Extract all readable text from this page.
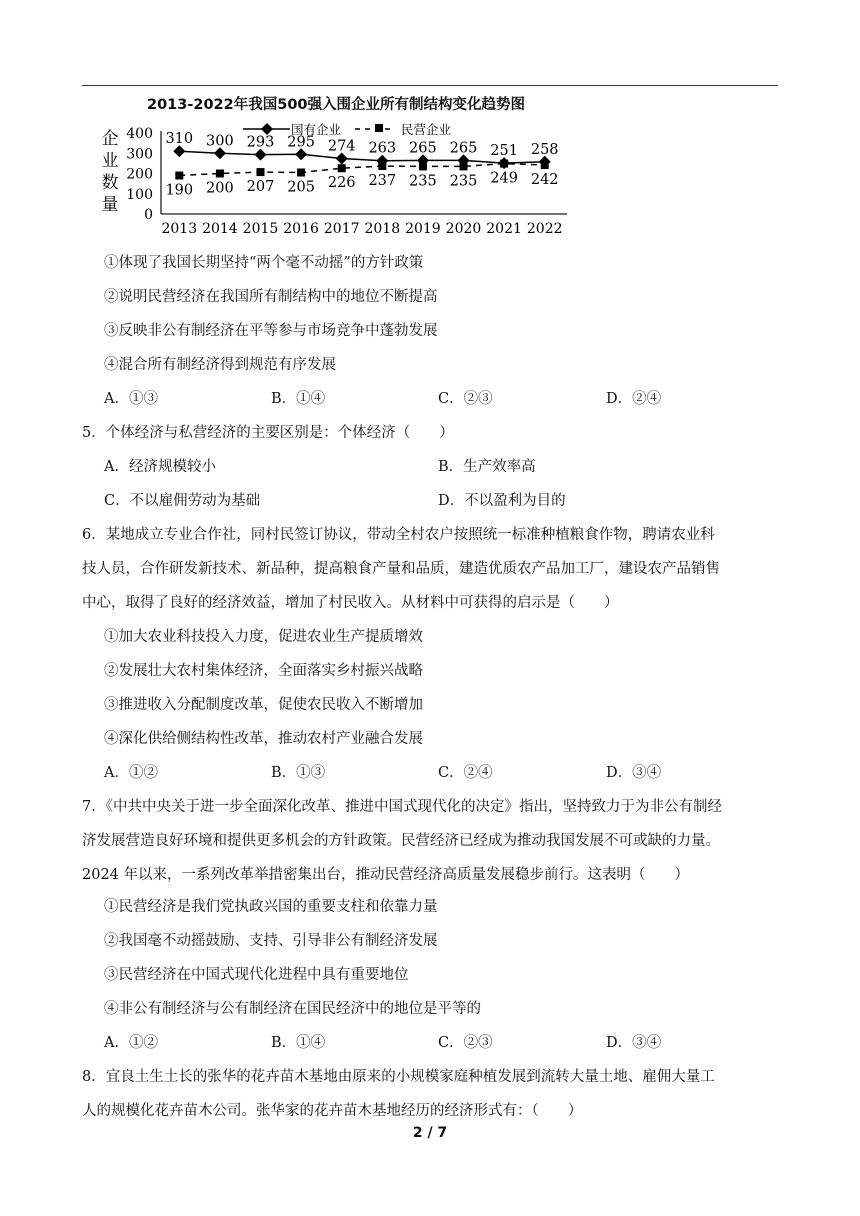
2013-2022年我国500强入围企业所有制结构变化趋势图
企
业
数
量 0
100
200
300
400
2013 2014 2015 2016 2017 2018 2019 2020 2021 2022
310 300 293 295 274 263 265 265 251 258
190 200 207 205 226 237 235 235 249 242
国有企业	民营企业
①体现了我国长期坚持“两个毫不动摇”的方针政策
②说明民营经济在我国所有制结构中的地位不断提高
③反映非公有制经济在平等参与市场竞争中蓬勃发展
④混合所有制经济得到规范有序发展
A．①③	B．①④	C．②③	D．②④
5．个体经济与私营经济的主要区别是：个体经济（　　）
A．经济规模较小	B．生产效率高
C．不以雇佣劳动为基础	D．不以盈利为目的
6．某地成立专业合作社，同村民签订协议，带动全村农户按照统一标准种植粮食作物，聘请农业科
技人员，合作研发新技术、新品种，提高粮食产量和品质，建造优质农产品加工厂，建设农产品销售
中心，取得了良好的经济效益，增加了村民收入。从材料中可获得的启示是（　　）
①加大农业科技投入力度，促进农业生产提质增效
②发展壮大农村集体经济，全面落实乡村振兴战略
③推进收入分配制度改革，促使农民收入不断增加
④深化供给侧结构性改革，推动农村产业融合发展
A．①②	B．①③	C．②④	D．③④
7．《中共中央关于进一步全面深化改革、推进中国式现代化的决定》指出，坚持致力于为非公有制经
济发展营造良好环境和提供更多机会的方针政策。民营经济已经成为推动我国发展不可或缺的力量。
2024 年以来，一系列改革举措密集出台，推动民营经济高质量发展稳步前行。这表明（　　）
①民营经济是我们党执政兴国的重要支柱和依靠力量
②我国毫不动摇鼓励、支持、引导非公有制经济发展
③民营经济在中国式现代化进程中具有重要地位
④非公有制经济与公有制经济在国民经济中的地位是平等的
A．①②	B．①④	C．②③	D．③④
8．宜良土生土长的张华的花卉苗木基地由原来的小规模家庭种植发展到流转大量土地、雇佣大量工
人的规模化花卉苗木公司。张华家的花卉苗木基地经历的经济形式有：（　　）
2 / 7
